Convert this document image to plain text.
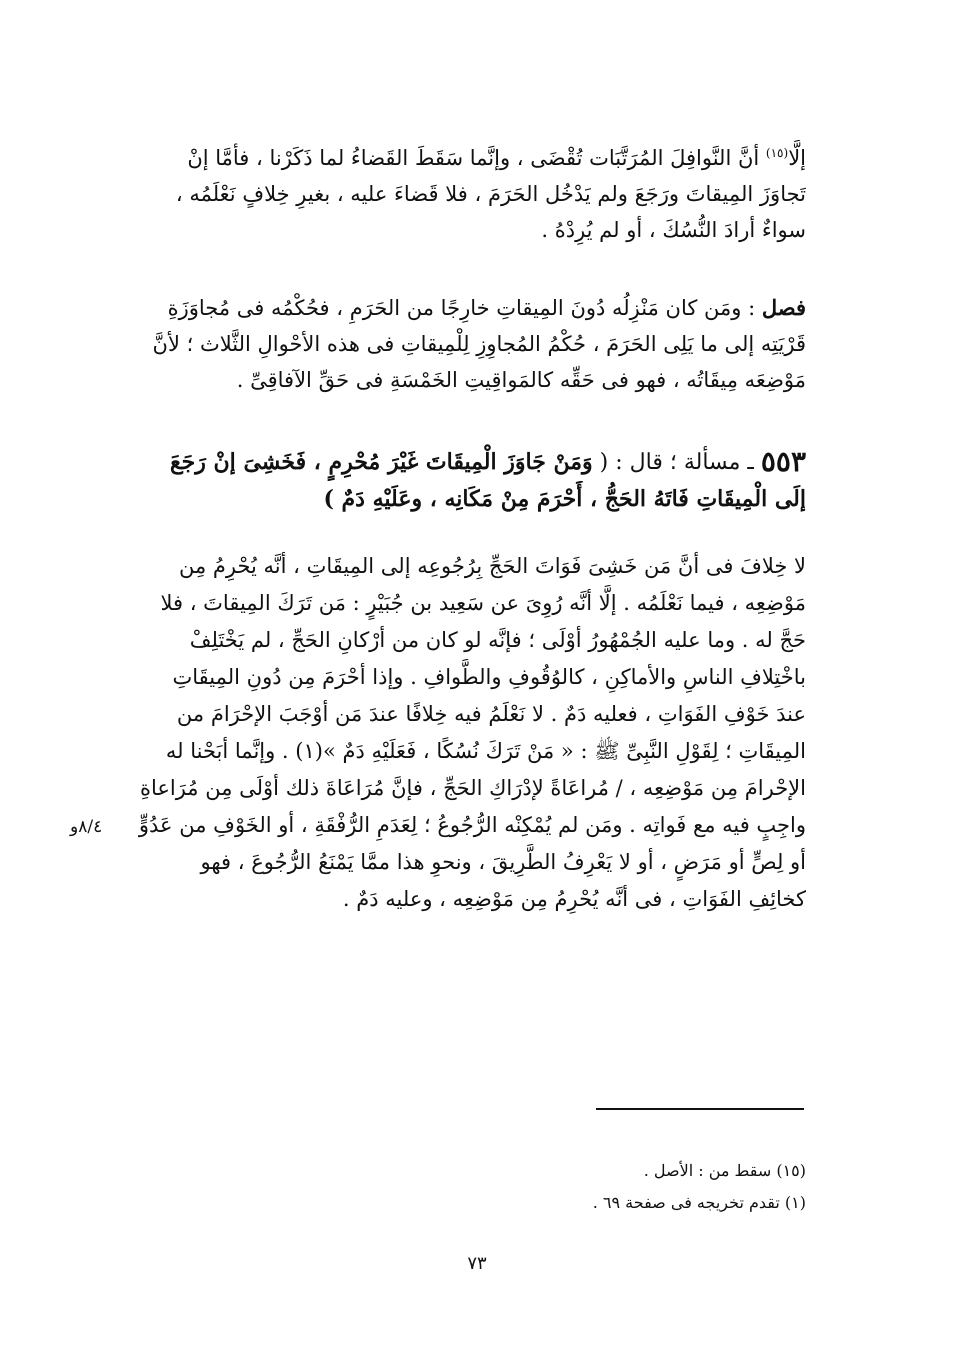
إلَّا$^{(١٥)}$ أنَّ النَّوافِلَ المُرَتَّبَات تُقْضَى ، وإنَّما سَقَطَ القَضاءُ لما ذَكَرْنا ، فأمَّا إنْ
تَجاوَزَ المِيقاتَ ورَجَعَ ولم يَدْخُل الحَرَمَ ، فلا قَضاءَ عليه ، بغيرِ خِلافٍ نَعْلَمُه ،
سواءٌ أرادَ النُّسُكَ ، أو لم يُرِدْهُ .
فصل : ومَن كان مَنْزِلُه دُونَ المِيقاتِ خارِجًا من الحَرَمِ ، فحُكْمُه فى مُجاوَزَةِ
قَرْيَتِه إلى ما يَلِى الحَرَمَ ، حُكْمُ المُجاوِزِ لِلْمِيقاتِ فى هذه الأحْوالِ الثَّلاث ؛ لأنَّ
مَوْضِعَه مِيقَاتُه ، فهو فى حَقِّه كالمَواقِيتِ الخَمْسَةِ فى حَقِّ الآفاقِىِّ .
٥٥٣ ـ مسألة ؛ قال : ( وَمَنْ جَاوَزَ الْمِيقَاتَ غَيْرَ مُحْرِمٍ ، فَخَشِىَ إنْ رَجَعَ
إلَى الْمِيقَاتِ فَاتَهُ الحَجُّ ، أَحْرَمَ مِنْ مَكَانِه ، وعَلَيْهِ دَمٌ )
لا خِلافَ فى أنَّ مَن خَشِىَ فَوَاتَ الحَجِّ بِرُجُوعِه إلى المِيقَاتِ ، أنَّه يُحْرِمُ مِن
مَوْضِعِه ، فيما نَعْلَمُه . إلَّا أنَّه رُوِىَ عن سَعِيد بن جُبَيْرٍ : مَن تَرَكَ المِيقاتَ ، فلا
حَجَّ له . وما عليه الجُمْهُورُ أوْلَى ؛ فإنَّه لو كان من أرْكانِ الحَجِّ ، لم يَخْتَلِفْ
باخْتِلافِ الناسِ والأماكِنِ ، كالوُقُوفِ والطَّوافِ . وإذا أحْرَمَ مِن دُونِ المِيقَاتِ
عندَ خَوْفِ الفَوَاتِ ، فعليه دَمٌ . لا نَعْلَمُ فيه خِلافًا عندَ مَن أوْجَبَ الإحْرَامَ من
المِيقَاتِ ؛ لِقَوْلِ النَّبِىِّ ﷺ : « مَنْ تَرَكَ نُسُكًا ، فَعَلَيْهِ دَمٌ »(١) . وإنَّما أبَحْنا له
الإحْرامَ مِن مَوْضِعِه ، / مُراعَاةً لإدْرَاكِ الحَجِّ ، فإنَّ مُرَاعَاةَ ذلك أوْلَى مِن مُرَاعاةِ
واجِبٍ فيه مع فَواتِه . ومَن لم يُمْكِنْه الرُّجُوعُ ؛ لِعَدَمِ الرُّفْقَةِ ، أو الخَوْفِ من عَدُوٍّ
أو لِصٍّ أو مَرَضٍ ، أو لا يَعْرِفُ الطَّرِيقَ ، ونحوِ هذا ممَّا يَمْنَعُ الرُّجُوعَ ، فهو
كخائِفِ الفَوَاتِ ، فى أنَّه يُحْرِمُ مِن مَوْضِعِه ، وعليه دَمٌ .
٨/٤و
(١٥) سقط من : الأصل .
(١) تقدم تخريجه فى صفحة ٦٩ .
٧٣
